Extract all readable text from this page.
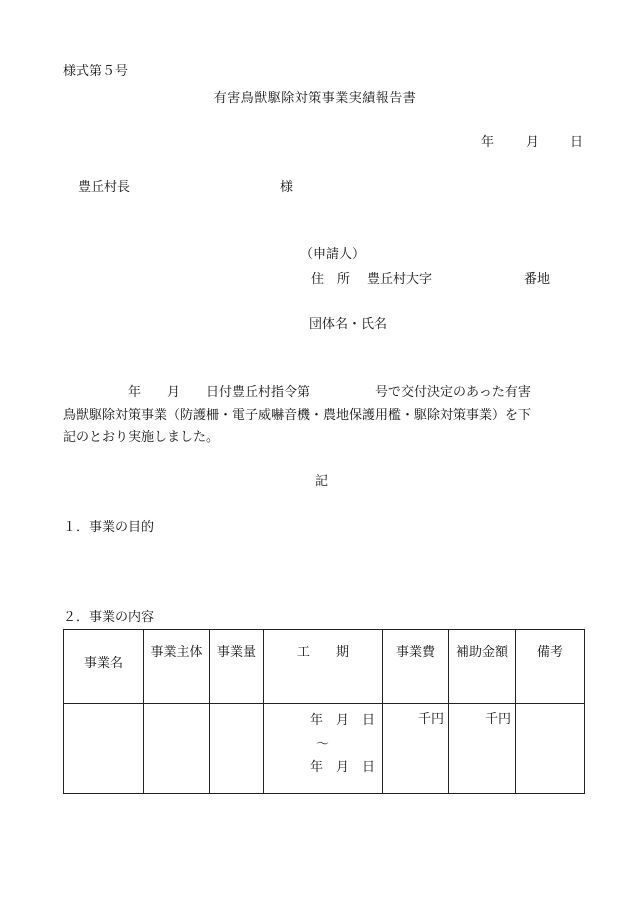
様式第５号
有害鳥獣駆除対策事業実績報告書
年 月 日
豊丘村長	様
（申請人）
住　所 豊丘村大字	番地
団体名・氏名
　　　　　年　　月　　日付豊丘村指令第　　　　　号で交付決定のあった有害
鳥獣駆除対策事業（防護柵・電子威嚇音機・農地保護用檻・駆除対策事業）を下
記のとおり実施しました。
記
１．事業の目的
２．事業の内容
事業名	事業主体	事業量	工　　期	事業費	補助金額	備考

			年　月　日
～
年　月　日	千円	千円	
